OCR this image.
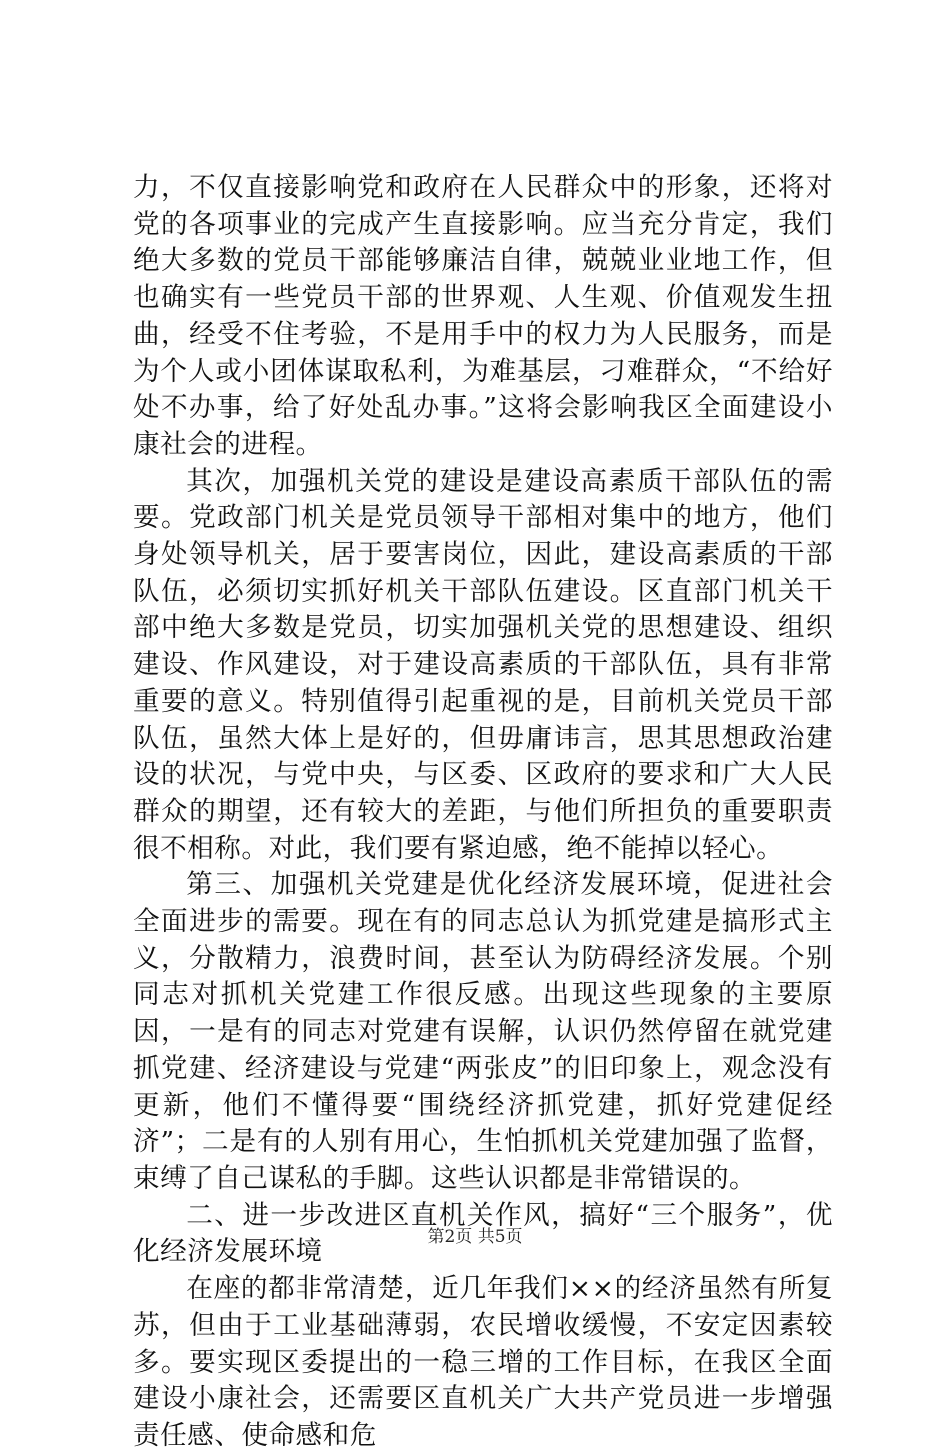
力，不仅直接影响党和政府在人民群众中的形象，还将对党的各项事业的完成产生直接影响。应当充分肯定，我们绝大多数的党员干部能够廉洁自律，兢兢业业地工作，但也确实有一些党员干部的世界观、人生观、价值观发生扭曲，经受不住考验，不是用手中的权力为人民服务，而是为个人或小团体谋取私利，为难基层，刁难群众，“不给好处不办事，给了好处乱办事。”这将会影响我区全面建设小康社会的进程。

其次，加强机关党的建设是建设高素质干部队伍的需要。党政部门机关是党员领导干部相对集中的地方，他们身处领导机关，居于要害岗位，因此，建设高素质的干部队伍，必须切实抓好机关干部队伍建设。区直部门机关干部中绝大多数是党员，切实加强机关党的思想建设、组织建设、作风建设，对于建设高素质的干部队伍，具有非常重要的意义。特别值得引起重视的是，目前机关党员干部队伍，虽然大体上是好的，但毋庸讳言，思其思想政治建设的状况，与党中央，与区委、区政府的要求和广大人民群众的期望，还有较大的差距，与他们所担负的重要职责很不相称。对此，我们要有紧迫感，绝不能掉以轻心。

第三、加强机关党建是优化经济发展环境，促进社会全面进步的需要。现在有的同志总认为抓党建是搞形式主义，分散精力，浪费时间，甚至认为防碍经济发展。个别同志对抓机关党建工作很反感。出现这些现象的主要原因，一是有的同志对党建有误解，认识仍然停留在就党建抓党建、经济建设与党建“两张皮”的旧印象上，观念没有更新，他们不懂得要“围绕经济抓党建，抓好党建促经济”；二是有的人别有用心，生怕抓机关党建加强了监督，束缚了自己谋私的手脚。这些认识都是非常错误的。

二、进一步改进区直机关作风，搞好“三个服务”，优化经济发展环境

在座的都非常清楚，近几年我们××的经济虽然有所复苏，但由于工业基础薄弱，农民增收缓慢，不安定因素较多。要实现区委提出的一稳三增的工作目标，在我区全面建设小康社会，还需要区直机关广大共产党员进一步增强责任感、使命感和危

第2页 共5页
